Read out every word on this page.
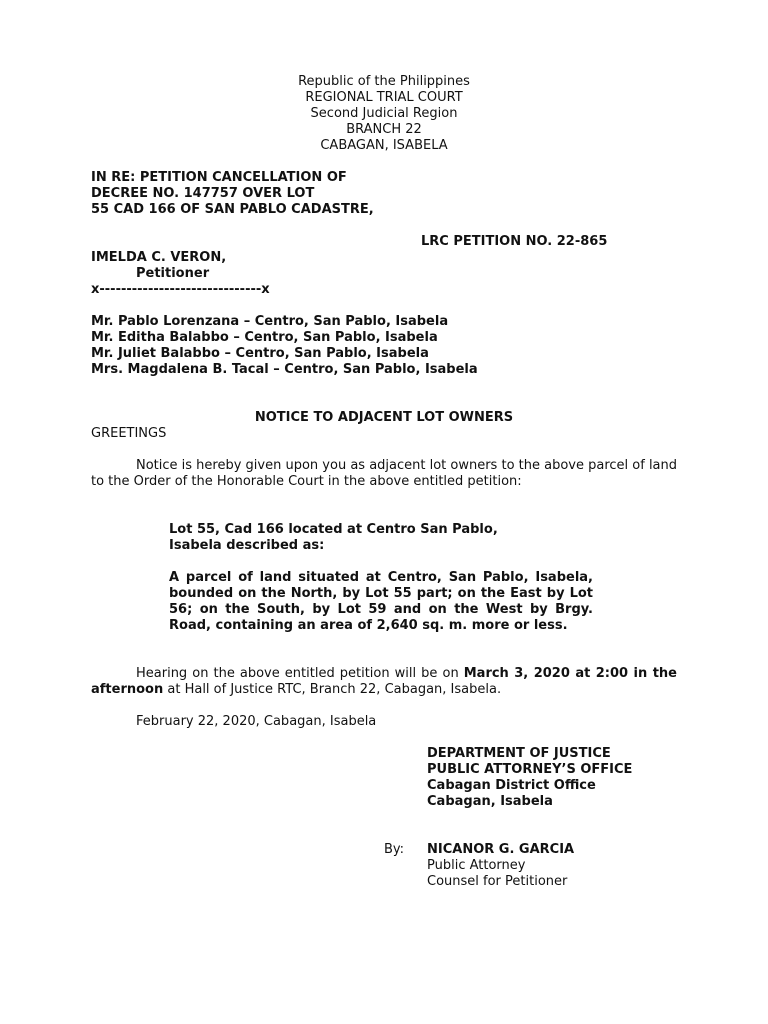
Republic of the Philippines
REGIONAL TRIAL COURT
Second Judicial Region
BRANCH 22
CABAGAN, ISABELA
IN RE: PETITION CANCELLATION OF
DECREE NO. 147757 OVER LOT
55 CAD 166 OF SAN PABLO CADASTRE,
LRC PETITION NO. 22-865
IMELDA C. VERON,
Petitioner
x------------------------------x
Mr. Pablo Lorenzana – Centro, San Pablo, Isabela
Mr. Editha Balabbo – Centro, San Pablo, Isabela
Mr. Juliet Balabbo – Centro, San Pablo, Isabela
Mrs. Magdalena B. Tacal – Centro, San Pablo, Isabela
NOTICE TO ADJACENT LOT OWNERS
GREETINGS
Notice is hereby given upon you as adjacent lot owners to the above parcel of land to the Order of the Honorable Court in the above entitled petition:
Lot 55, Cad 166 located at Centro San Pablo,
Isabela described as:
A parcel of land situated at Centro, San Pablo, Isabela, bounded on the North, by Lot 55 part; on the East by Lot 56; on the South, by Lot 59 and on the West by Brgy. Road, containing an area of 2,640 sq. m. more or less.
Hearing on the above entitled petition will be on March 3, 2020 at 2:00 in the afternoon at Hall of Justice RTC, Branch 22, Cabagan, Isabela.
February 22, 2020, Cabagan, Isabela
DEPARTMENT OF JUSTICE
PUBLIC ATTORNEY’S OFFICE
Cabagan District Office
Cabagan, Isabela
By: NICANOR G. GARCIA
Public Attorney
Counsel for Petitioner
